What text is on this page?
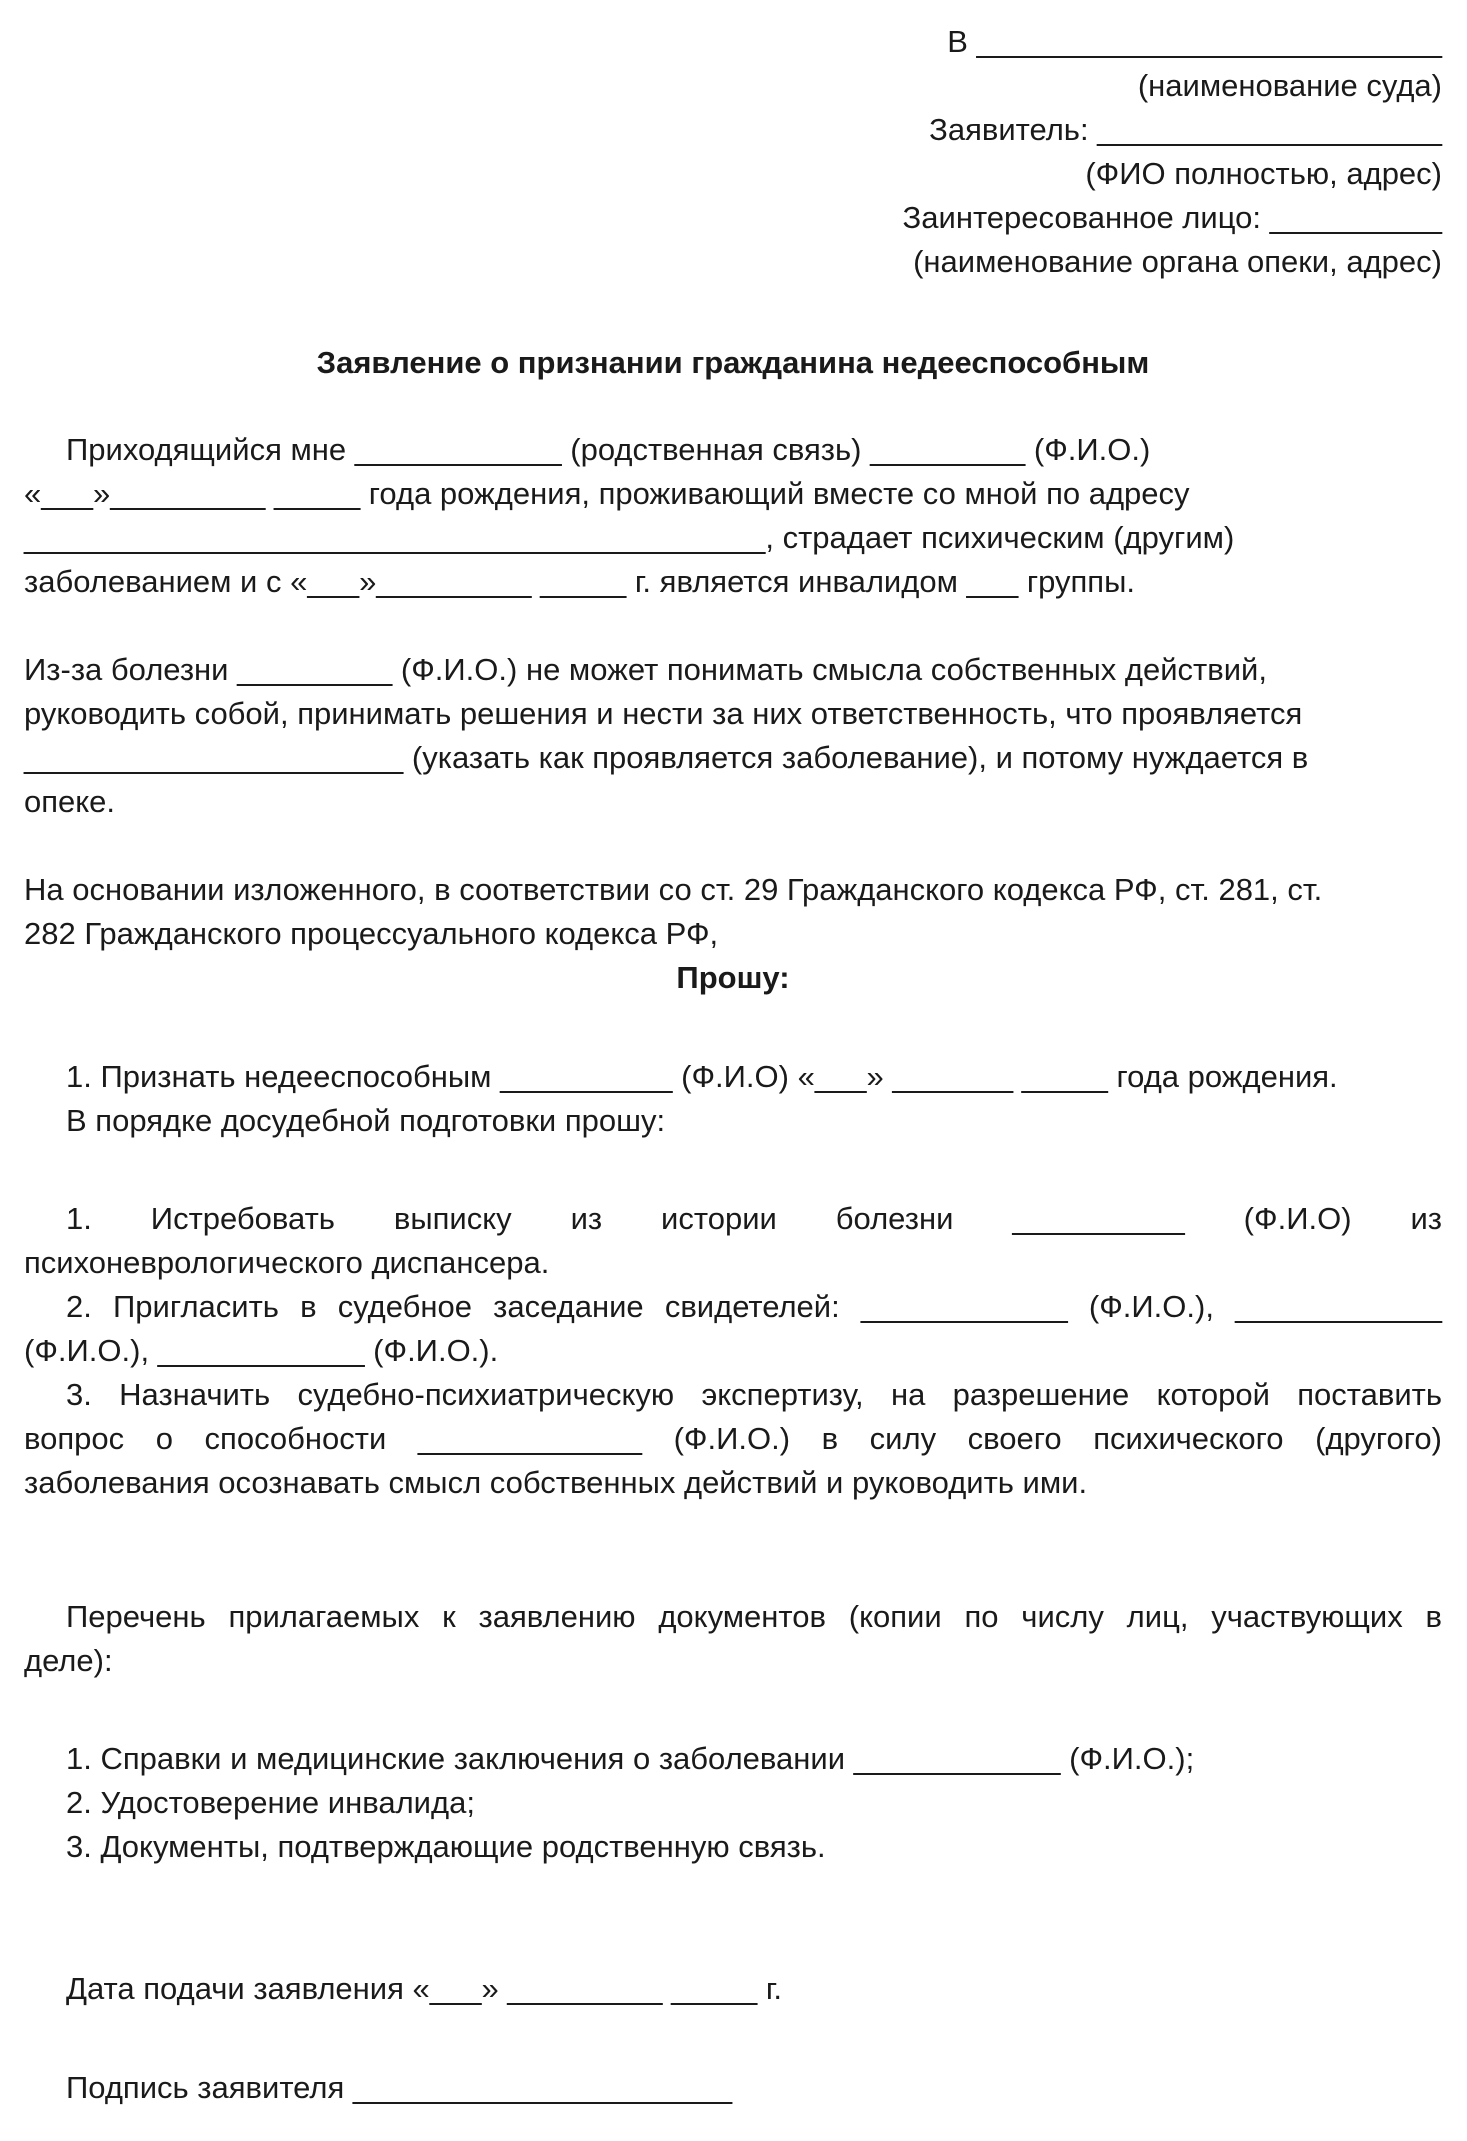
В ___________________________
(наименование суда)
Заявитель: ____________________
(ФИО полностью, адрес)
Заинтересованное лицо: __________
(наименование органа опеки, адрес)
Заявление о признании гражданина недееспособным
Приходящийся мне ____________ (родственная связь) _________ (Ф.И.О.)
«___»_________ _____ года рождения, проживающий вместе со мной по адресу
___________________________________________, страдает психическим (другим)
заболеванием и с «___»_________ _____ г. является инвалидом ___ группы.
Из-за болезни _________ (Ф.И.О.) не может понимать смысла собственных действий,
руководить собой, принимать решения и нести за них ответственность, что проявляется
______________________ (указать как проявляется заболевание), и потому нуждается в
опеке.
На основании изложенного, в соответствии со ст. 29 Гражданского кодекса РФ, ст. 281, ст.
282 Гражданского процессуального кодекса РФ,
Прошу:
1. Признать недееспособным __________ (Ф.И.О) «___» _______ _____ года рождения.
В порядке досудебной подготовки прошу:
1. Истребовать выписку из истории болезни __________ (Ф.И.О) из
психоневрологического диспансера.
2. Пригласить в судебное заседание свидетелей: ____________ (Ф.И.О.), ____________
(Ф.И.О.), ____________ (Ф.И.О.).
3. Назначить судебно-психиатрическую экспертизу, на разрешение которой поставить
вопрос о способности _____________ (Ф.И.О.) в силу своего психического (другого)
заболевания осознавать смысл собственных действий и руководить ими.
Перечень прилагаемых к заявлению документов (копии по числу лиц, участвующих в
деле):
1. Справки и медицинские заключения о заболевании ____________ (Ф.И.О.);
2. Удостоверение инвалида;
3. Документы, подтверждающие родственную связь.
Дата подачи заявления «___» _________ _____ г.
Подпись заявителя ______________________
